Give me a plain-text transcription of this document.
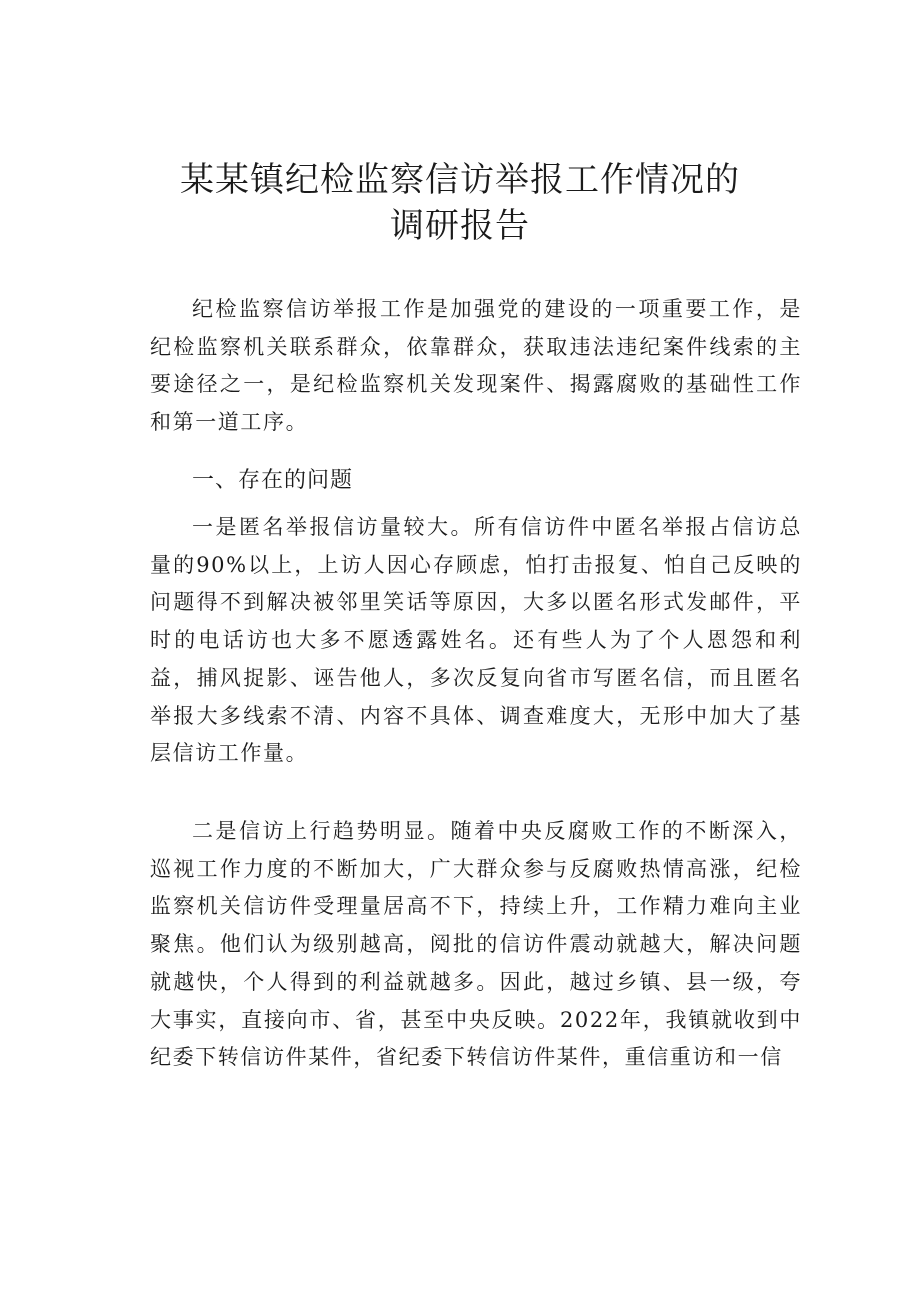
某某镇纪检监察信访举报工作情况的
调研报告

纪检监察信访举报工作是加强党的建设的一项重要工作，是纪检监察机关联系群众，依靠群众，获取违法违纪案件线索的主要途径之一，是纪检监察机关发现案件、揭露腐败的基础性工作和第一道工序。

一、存在的问题

一是匿名举报信访量较大。所有信访件中匿名举报占信访总量的90%以上，上访人因心存顾虑，怕打击报复、怕自己反映的问题得不到解决被邻里笑话等原因，大多以匿名形式发邮件，平时的电话访也大多不愿透露姓名。还有些人为了个人恩怨和利益，捕风捉影、诬告他人，多次反复向省市写匿名信，而且匿名举报大多线索不清、内容不具体、调查难度大，无形中加大了基层信访工作量。

二是信访上行趋势明显。随着中央反腐败工作的不断深入，巡视工作力度的不断加大，广大群众参与反腐败热情高涨，纪检监察机关信访件受理量居高不下，持续上升，工作精力难向主业聚焦。他们认为级别越高，阅批的信访件震动就越大，解决问题就越快，个人得到的利益就越多。因此，越过乡镇、县一级，夸大事实，直接向市、省，甚至中央反映。2022年，我镇就收到中纪委下转信访件某件，省纪委下转信访件某件，重信重访和一信
